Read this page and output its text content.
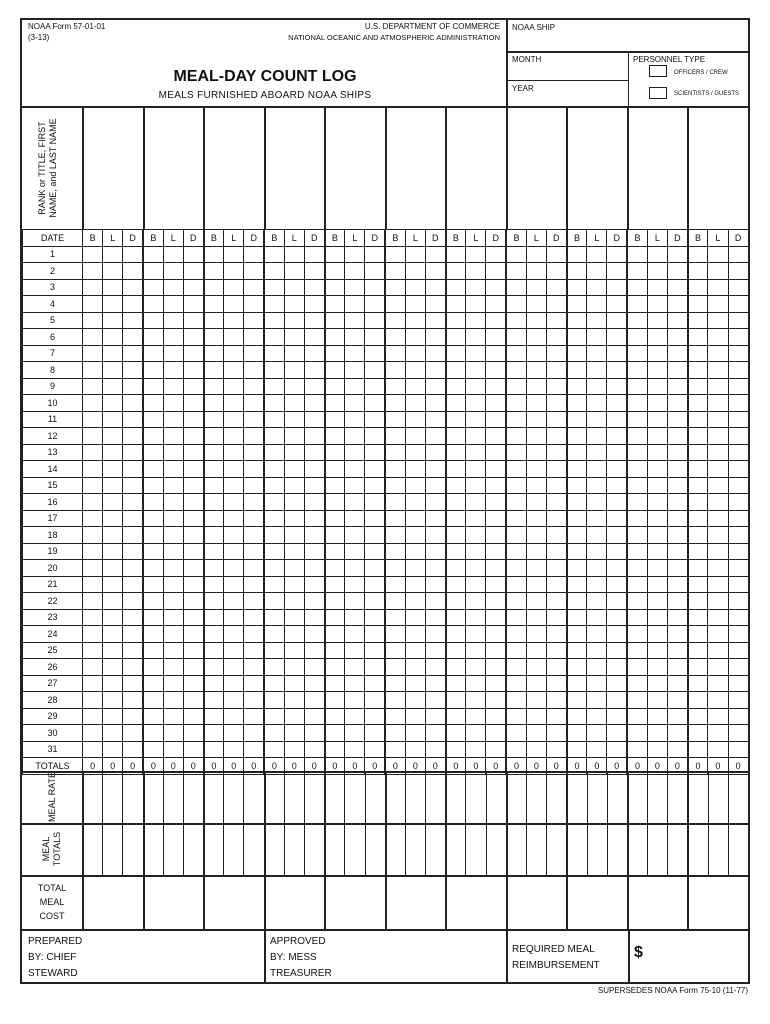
NOAA Form 57-01-01
(3-13)
U.S. DEPARTMENT OF COMMERCE
NATIONAL OCEANIC AND ATMOSPHERIC ADMINISTRATION
MEAL-DAY COUNT LOG
MEALS FURNISHED ABOARD NOAA SHIPS
NOAA SHIP
MONTH
YEAR
PERSONNEL TYPE
OFFICERS / CREW
SCIENTISTS / GUESTS
RANK or TITLE, FIRST NAME, and LAST NAME
DATE	B	L	D	B	L	D	B	L	D	B	L	D	B	L	D	B	L	D	B	L	D	B	L	D	B	L	D	B	L	D	B	L	D
1																																	
2																																	
3																																	
4																																	
5																																	
6																																	
7																																	
8																																	
9																																	
10																																	
11																																	
12																																	
13																																	
14																																	
15																																	
16																																	
17																																	
18																																	
19																																	
20																																	
21																																	
22																																	
23																																	
24																																	
25																																	
26																																	
27																																	
28																																	
29																																	
30																																	
31																																	
TOTALS	0	0	0	0	0	0	0	0	0	0	0	0	0	0	0	0	0	0	0	0	0	0	0	0	0	0	0	0	0	0	0	0	0
MEAL RATE
MEAL TOTALS
TOTAL MEAL COST
PREPARED
BY: CHIEF
STEWARD
APPROVED
BY: MESS
TREASURER
REQUIRED MEAL
REIMBURSEMENT
$
SUPERSEDES NOAA Form 75-10 (11-77)
